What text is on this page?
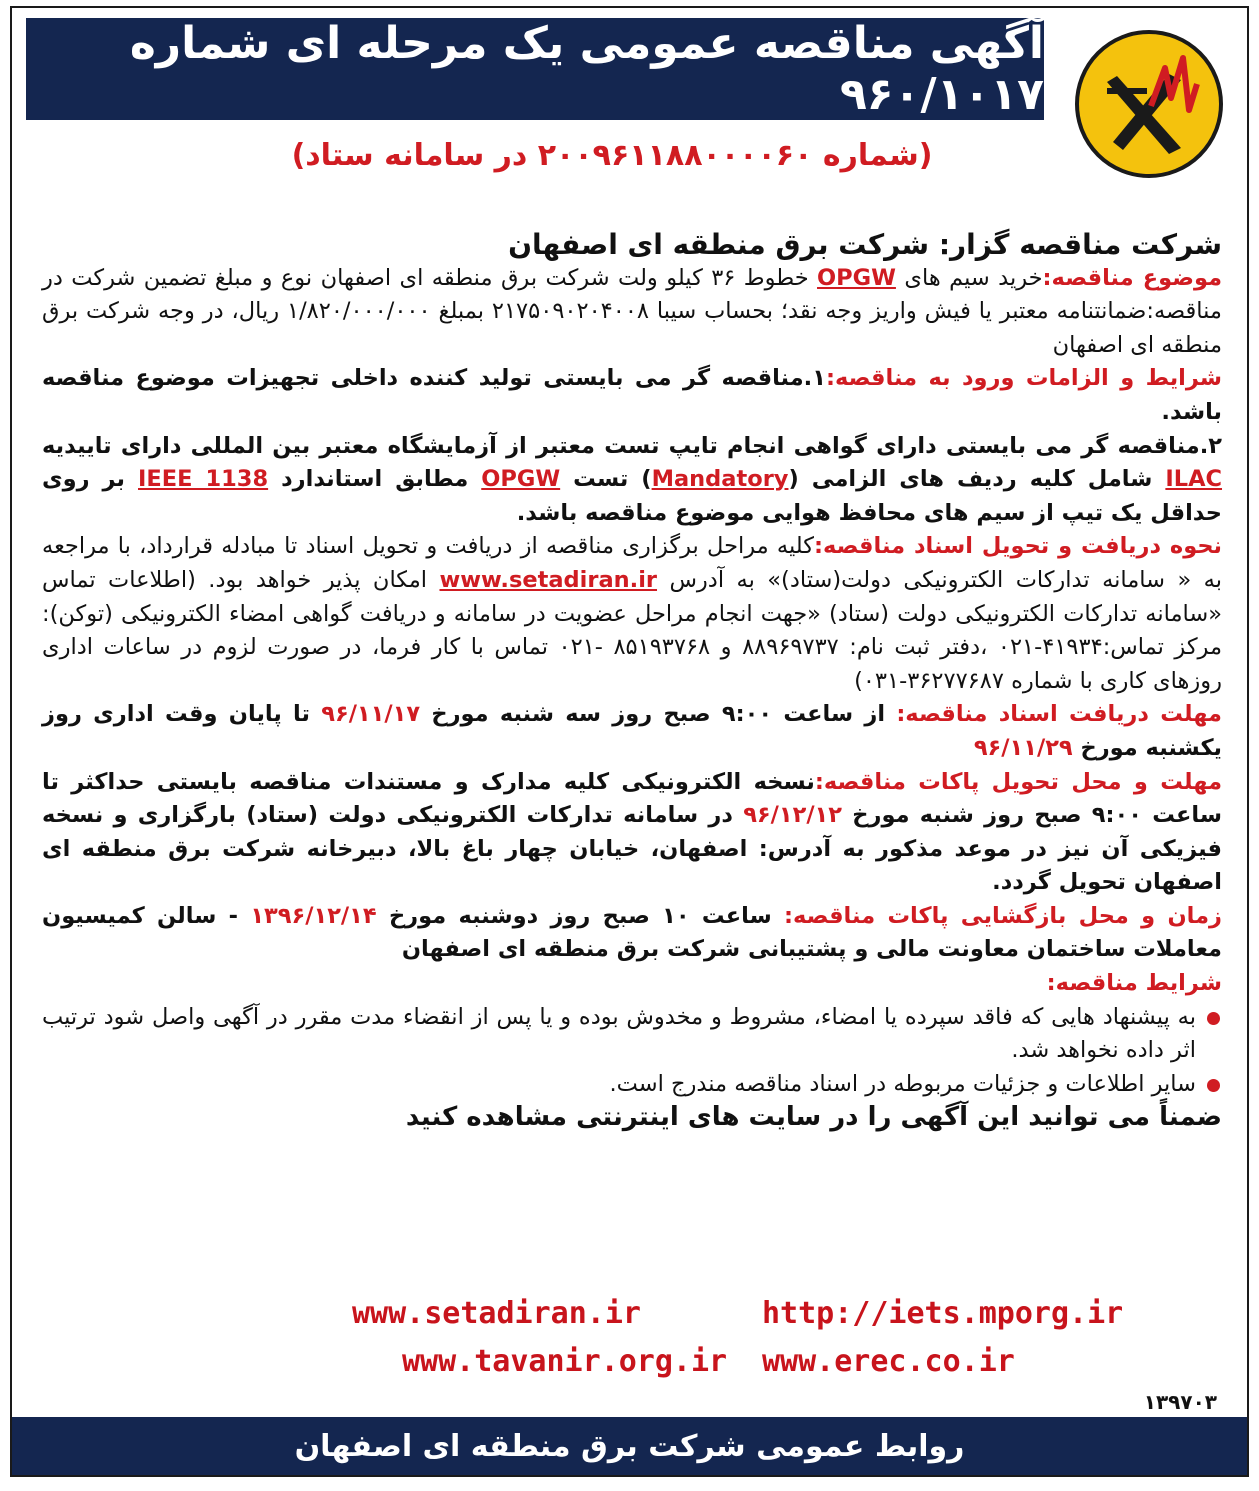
آگهی مناقصه عمومی یک مرحله ای شماره ۹۶۰/۱۰۱۷
(شماره ۲۰۰۹۶۱۱۸۸۰۰۰۰۶۰ در سامانه ستاد)

شرکت مناقصه گزار: شرکت برق منطقه ای اصفهان

موضوع مناقصه:خرید سیم های OPGW خطوط ۳۶ کیلو ولت شرکت برق منطقه ای اصفهان نوع و مبلغ تضمین شرکت در مناقصه:ضمانتنامه معتبر یا فیش واریز وجه نقد؛ بحساب سیبا ۲۱۷۵۰۹۰۲۰۴۰۰۸ بمبلغ ۱/۸۲۰/۰۰۰/۰۰۰ ریال، در وجه شرکت برق منطقه ای اصفهان

شرایط و الزامات ورود به مناقصه:۱.مناقصه گر می بایستی تولید کننده داخلی تجهیزات موضوع مناقصه باشد.

۲.مناقصه گر می بایستی دارای گواهی انجام تایپ تست معتبر از آزمایشگاه معتبر بین المللی دارای تاییدیه ILAC شامل کلیه ردیف های الزامی (Mandatory) تست OPGW مطابق استاندارد IEEE 1138 بر روی حداقل یک تیپ از سیم های محافظ هوایی موضوع مناقصه باشد.

نحوه دریافت و تحویل اسناد مناقصه:کلیه مراحل برگزاری مناقصه از دریافت و تحویل اسناد تا مبادله قرارداد، با مراجعه به « سامانه تدارکات الکترونیکی دولت(ستاد)» به آدرس www.setadiran.ir امکان پذیر خواهد بود. (اطلاعات تماس «سامانه تدارکات الکترونیکی دولت (ستاد) «جهت انجام مراحل عضویت در سامانه و دریافت گواهی امضاء الکترونیکی (توکن): مرکز تماس:۴۱۹۳۴-۰۲۱ ،دفتر ثبت نام: ۸۸۹۶۹۷۳۷ و ۸۵۱۹۳۷۶۸ -۰۲۱ تماس با کار فرما، در صورت لزوم در ساعات اداری روزهای کاری با شماره ۳۶۲۷۷۶۸۷-۰۳۱)

مهلت دریافت اسناد مناقصه: از ساعت ۹:۰۰ صبح روز سه شنبه مورخ ۹۶/۱۱/۱۷ تا پایان وقت اداری روز یکشنبه مورخ ۹۶/۱۱/۲۹

مهلت و محل تحویل پاکات مناقصه:نسخه الکترونیکی کلیه مدارک و مستندات مناقصه بایستی حداکثر تا ساعت ۹:۰۰ صبح روز شنبه مورخ ۹۶/۱۲/۱۲ در سامانه تدارکات الکترونیکی دولت (ستاد) بارگزاری و نسخه فیزیکی آن نیز در موعد مذکور به آدرس: اصفهان، خیابان چهار باغ بالا، دبیرخانه شرکت برق منطقه ای اصفهان تحویل گردد.

زمان و محل بازگشایی پاکات مناقصه: ساعت ۱۰ صبح روز دوشنبه مورخ ۱۳۹۶/۱۲/۱۴ - سالن کمیسیون معاملات ساختمان معاونت مالی و پشتیبانی شرکت برق منطقه ای اصفهان

شرایط مناقصه:

به پیشنهاد هایی که فاقد سپرده یا امضاء، مشروط و مخدوش بوده و یا پس از انقضاء مدت مقرر در آگهی واصل شود ترتیب اثر داده نخواهد شد.

سایر اطلاعات و جزئیات مربوطه در اسناد مناقصه مندرج است.

ضمناً می توانید این آگهی را در سایت های اینترنتی مشاهده کنید

http://iets.mporg.ir
www.setadiran.ir
www.erec.co.ir
www.tavanir.org.ir
۱۳۹۷۰۳
روابط عمومی شرکت برق منطقه ای اصفهان
